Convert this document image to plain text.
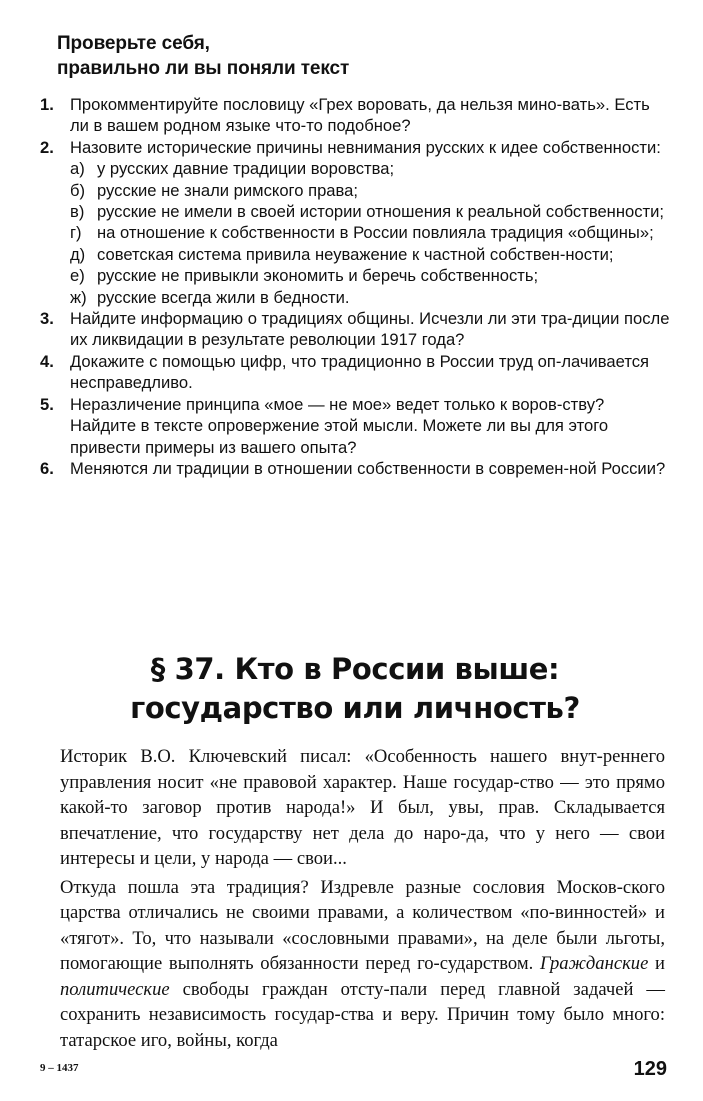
Проверьте себя,
правильно ли вы поняли текст
1. Прокомментируйте пословицу «Грех воровать, да нельзя мино-вать». Есть ли в вашем родном языке что-то подобное?
2. Назовите исторические причины невнимания русских к идее собственности:
а) у русских давние традиции воровства;
б) русские не знали римского права;
в) русские не имели в своей истории отношения к реальной собственности;
г) на отношение к собственности в России повлияла традиция «общины»;
д) советская система привила неуважение к частной собствен-ности;
е) русские не привыкли экономить и беречь собственность;
ж) русские всегда жили в бедности.
3. Найдите информацию о традициях общины. Исчезли ли эти тра-диции после их ликвидации в результате революции 1917 года?
4. Докажите с помощью цифр, что традиционно в России труд оп-лачивается несправедливо.
5. Неразличение принципа «мое — не мое» ведет только к воров-ству? Найдите в тексте опровержение этой мысли. Можете ли вы для этого привести примеры из вашего опыта?
6. Меняются ли традиции в отношении собственности в современ-ной России?
§ 37. Кто в России выше:
государство или личность?

Историк В.О. Ключевский писал: «Особенность нашего внут-реннего управления носит «не правовой характер. Наше государ-ство — это прямо какой-то заговор против народа!» И был, увы, прав. Складывается впечатление, что государству нет дела до наро-да, что у него — свои интересы и цели, у народа — свои...

Откуда пошла эта традиция? Издревле разные сословия Москов-ского царства отличались не своими правами, а количеством «по-винностей» и «тягот». То, что называли «сословными правами», на деле были льготы, помогающие выполнять обязанности перед го-сударством. Гражданские и политические свободы граждан отсту-пали перед главной задачей — сохранить независимость государ-ства и веру. Причин тому было много: татарское иго, войны, когда

9 – 1437	129
